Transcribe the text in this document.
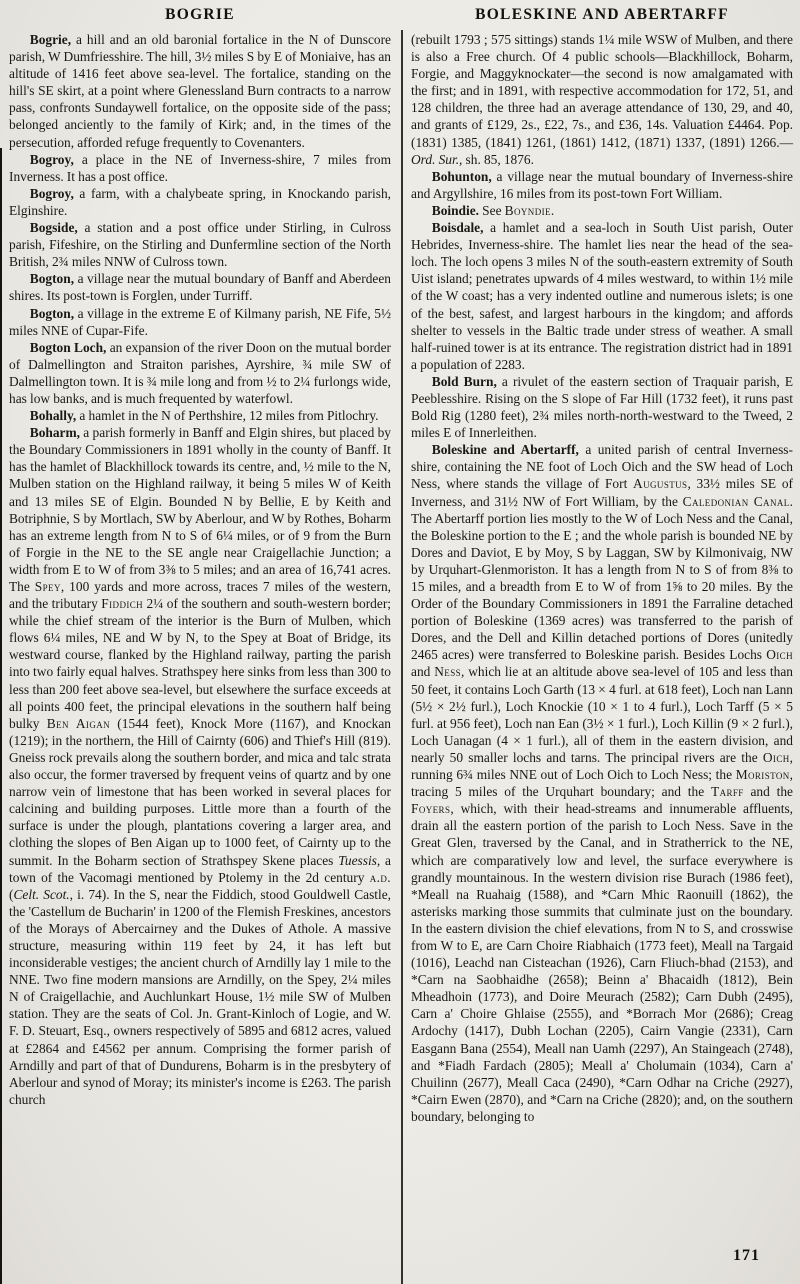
BOGRIE

Bogrie, a hill and an old baronial fortalice in the N of Dunscore parish, W Dumfriesshire. The hill, 3½ miles S by E of Moniaive, has an altitude of 1416 feet above sea-level. The fortalice, standing on the hill's SE skirt, at a point where Glenessland Burn contracts to a narrow pass, confronts Sundaywell fortalice, on the opposite side of the pass; belonged anciently to the family of Kirk; and, in the times of the persecution, afforded refuge frequently to Covenanters.

Bogroy, a place in the NE of Inverness-shire, 7 miles from Inverness. It has a post office.

Bogroy, a farm, with a chalybeate spring, in Knockando parish, Elginshire.

Bogside, a station and a post office under Stirling, in Culross parish, Fifeshire, on the Stirling and Dunfermline section of the North British, 2¾ miles NNW of Culross town.

Bogton, a village near the mutual boundary of Banff and Aberdeen shires. Its post-town is Forglen, under Turriff.

Bogton, a village in the extreme E of Kilmany parish, NE Fife, 5½ miles NNE of Cupar-Fife.

Bogton Loch, an expansion of the river Doon on the mutual border of Dalmellington and Straiton parishes, Ayrshire, ¾ mile SW of Dalmellington town. It is ¾ mile long and from ½ to 2¼ furlongs wide, has low banks, and is much frequented by waterfowl.

Bohally, a hamlet in the N of Perthshire, 12 miles from Pitlochry.

Boharm, a parish formerly in Banff and Elgin shires, but placed by the Boundary Commissioners in 1891 wholly in the county of Banff. It has the hamlet of Blackhillock towards its centre, and, ½ mile to the N, Mulben station on the Highland railway, it being 5 miles W of Keith and 13 miles SE of Elgin. Bounded N by Bellie, E by Keith and Botriphnie, S by Mortlach, SW by Aberlour, and W by Rothes, Boharm has an extreme length from N to S of 6¼ miles, or of 9 from the Burn of Forgie in the NE to the SE angle near Craigellachie Junction; a width from E to W of from 3⅜ to 5 miles; and an area of 16,741 acres. The Spey, 100 yards and more across, traces 7 miles of the western, and the tributary Fiddich 2¼ of the southern and south-western border; while the chief stream of the interior is the Burn of Mulben, which flows 6¼ miles, NE and W by N, to the Spey at Boat of Bridge, its westward course, flanked by the Highland railway, parting the parish into two fairly equal halves. Strathspey here sinks from less than 300 to less than 200 feet above sea-level, but elsewhere the surface exceeds at all points 400 feet, the principal elevations in the southern half being bulky Ben Aigan (1544 feet), Knock More (1167), and Knockan (1219); in the northern, the Hill of Cairnty (606) and Thief's Hill (819). Gneiss rock prevails along the southern border, and mica and talc strata also occur, the former traversed by frequent veins of quartz and by one narrow vein of limestone that has been worked in several places for calcining and building purposes. Little more than a fourth of the surface is under the plough, plantations covering a larger area, and clothing the slopes of Ben Aigan up to 1000 feet, of Cairnty up to the summit. In the Boharm section of Strathspey Skene places Tuessis, a town of the Vacomagi mentioned by Ptolemy in the 2d century a.d. (Celt. Scot., i. 74). In the S, near the Fiddich, stood Gouldwell Castle, the 'Castellum de Bucharin' in 1200 of the Flemish Freskines, ancestors of the Morays of Abercairney and the Dukes of Athole. A massive structure, measuring within 119 feet by 24, it has left but inconsiderable vestiges; the ancient church of Arndilly lay 1 mile to the NNE. Two fine modern mansions are Arndilly, on the Spey, 2¼ miles N of Craigellachie, and Auchlunkart House, 1½ mile SW of Mulben station. They are the seats of Col. Jn. Grant-Kinloch of Logie, and W. F. D. Steuart, Esq., owners respectively of 5895 and 6812 acres, valued at £2864 and £4562 per annum. Comprising the former parish of Arndilly and part of that of Dundurens, Boharm is in the presbytery of Aberlour and synod of Moray; its minister's income is £263. The parish church

BOLESKINE AND ABERTARFF

(rebuilt 1793 ; 575 sittings) stands 1¼ mile WSW of Mulben, and there is also a Free church. Of 4 public schools—Blackhillock, Boharm, Forgie, and Maggyknockater—the second is now amalgamated with the first; and in 1891, with respective accommodation for 172, 51, and 128 children, the three had an average attendance of 130, 29, and 40, and grants of £129, 2s., £22, 7s., and £36, 14s. Valuation £4464. Pop. (1831) 1385, (1841) 1261, (1861) 1412, (1871) 1337, (1891) 1266.—Ord. Sur., sh. 85, 1876.

Bohunton, a village near the mutual boundary of Inverness-shire and Argyllshire, 16 miles from its post-town Fort William.

Boindie. See Boyndie.

Boisdale, a hamlet and a sea-loch in South Uist parish, Outer Hebrides, Inverness-shire. The hamlet lies near the head of the sea-loch. The loch opens 3 miles N of the south-eastern extremity of South Uist island; penetrates upwards of 4 miles westward, to within 1½ mile of the W coast; has a very indented outline and numerous islets; is one of the best, safest, and largest harbours in the kingdom; and affords shelter to vessels in the Baltic trade under stress of weather. A small half-ruined tower is at its entrance. The registration district had in 1891 a population of 2283.

Bold Burn, a rivulet of the eastern section of Traquair parish, E Peeblesshire. Rising on the S slope of Far Hill (1732 feet), it runs past Bold Rig (1280 feet), 2¾ miles north-north-westward to the Tweed, 2 miles E of Innerleithen.

Boleskine and Abertarff, a united parish of central Inverness-shire, containing the NE foot of Loch Oich and the SW head of Loch Ness, where stands the village of Fort Augustus, 33½ miles SE of Inverness, and 31½ NW of Fort William, by the Caledonian Canal. The Abertarff portion lies mostly to the W of Loch Ness and the Canal, the Boleskine portion to the E ; and the whole parish is bounded NE by Dores and Daviot, E by Moy, S by Laggan, SW by Kilmonivaig, NW by Urquhart-Glenmoriston. It has a length from N to S of from 8⅜ to 15 miles, and a breadth from E to W of from 1⅝ to 20 miles. By the Order of the Boundary Commissioners in 1891 the Farraline detached portion of Boleskine (1369 acres) was transferred to the parish of Dores, and the Dell and Killin detached portions of Dores (unitedly 2465 acres) were transferred to Boleskine parish. Besides Lochs Oich and Ness, which lie at an altitude above sea-level of 105 and less than 50 feet, it contains Loch Garth (13 × 4 furl. at 618 feet), Loch nan Lann (5½ × 2½ furl.), Loch Knockie (10 × 1 to 4 furl.), Loch Tarff (5 × 5 furl. at 956 feet), Loch nan Ean (3½ × 1 furl.), Loch Killin (9 × 2 furl.), Loch Uanagan (4 × 1 furl.), all of them in the eastern division, and nearly 50 smaller lochs and tarns. The principal rivers are the Oich, running 6¾ miles NNE out of Loch Oich to Loch Ness; the Moriston, tracing 5 miles of the Urquhart boundary; and the Tarff and the Foyers, which, with their head-streams and innumerable affluents, drain all the eastern portion of the parish to Loch Ness. Save in the Great Glen, traversed by the Canal, and in Stratherrick to the NE, which are comparatively low and level, the surface everywhere is grandly mountainous. In the western division rise Burach (1986 feet), *Meall na Ruahaig (1588), and *Carn Mhic Raonuill (1862), the asterisks marking those summits that culminate just on the boundary. In the eastern division the chief elevations, from N to S, and crosswise from W to E, are Carn Choire Riabhaich (1773 feet), Meall na Targaid (1016), Leachd nan Cisteachan (1926), Carn Fliuch-bhad (2153), and *Carn na Saobhaidhe (2658); Beinn a' Bhacaidh (1812), Bein Mheadhoin (1773), and Doire Meurach (2582); Carn Dubh (2495), Carn a' Choire Ghlaise (2555), and *Borrach Mor (2686); Creag Ardochy (1417), Dubh Lochan (2205), Cairn Vangie (2331), Carn Easgann Bana (2554), Meall nan Uamh (2297), An Staingeach (2748), and *Fiadh Fardach (2805); Meall a' Cholumain (1034), Carn a' Chuilinn (2677), Meall Caca (2490), *Carn Odhar na Criche (2927), *Cairn Ewen (2870), and *Carn na Criche (2820); and, on the southern boundary, belonging to

171
